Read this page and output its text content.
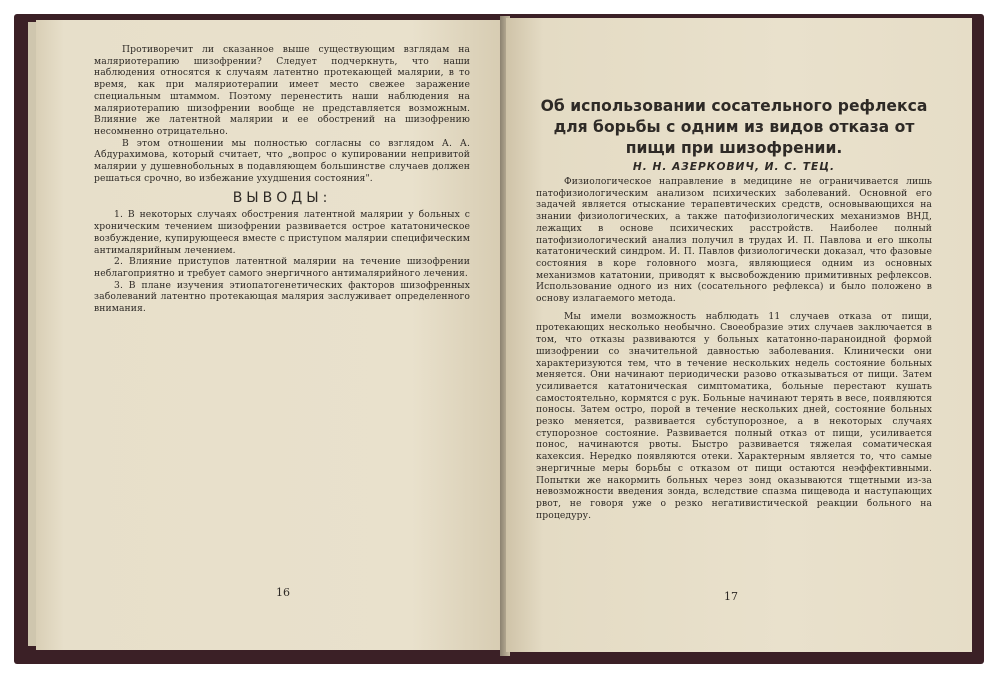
Противоречит ли сказанное выше существующим взглядам на маляриотерапию шизофрении? Следует подчеркнуть, что наши наблюдения относятся к случаям латентно протекающей малярии, в то время, как при маляриотерапии имеет место свежее заражение специальным штаммом. Поэтому перенестить наши наблюдения на маляриотерапию шизофрении вообще не представляется возможным. Влияние же латентной малярии и ее обострений на шизофрению несомненно отрицательно.

В этом отношении мы полностью согласны со взглядом А. А. Абдурахимова, который считает, что „вопрос о купировании непривитой малярии у душевнобольных в подавляющем большинстве случаев должен решаться срочно, во избежание ухудшения состояния".

ВЫВОДЫ:

1. В некоторых случаях обострения латентной малярии у больных с хроническим течением шизофрении развивается острое кататоническое возбуждение, купирующееся вместе с приступом малярии специфическим антималярийным лечением.

2. Влияние приступов латентной малярии на течение шизофрении неблагоприятно и требует самого энергичного антималярийного лечения.

3. В плане изучения этиопатогенетических факторов шизофренных заболеваний латентно протекающая малярия заслуживает определенного внимания.

16
Об использовании сосательного рефлекса для борьбы с одним из видов отказа от пищи при шизофрении.
Н. Н. АЗЕРКОВИЧ, И. С. ТЕЦ.

Физиологическое направление в медицине не ограничивается лишь патофизиологическим анализом психических заболеваний. Основной его задачей является отыскание терапевтических средств, основывающихся на знании физиологических, а также патофизиологических механизмов ВНД, лежащих в основе психических расстройств. Наиболее полный патофизиологический анализ получил в трудах И. П. Павлова и его школы кататонический синдром. И. П. Павлов физиологически доказал, что фазовые состояния в коре головного мозга, являющиеся одним из основных механизмов кататонии, приводят к высвобождению примитивных рефлексов. Использование одного из них (сосательного рефлекса) и было положено в основу излагаемого метода.

Мы имели возможность наблюдать 11 случаев отказа от пищи, протекающих несколько необычно. Своеобразие этих случаев заключается в том, что отказы развиваются у больных кататонно-параноидной формой шизофрении со значительной давностью заболевания. Клинически они характеризуются тем, что в течение нескольких недель состояние больных меняется. Они начинают периодически разово отказываться от пищи. Затем усиливается кататоническая симптоматика, больные перестают кушать самостоятельно, кормятся с рук. Больные начинают терять в весе, появляются поносы. Затем остро, порой в течение нескольких дней, состояние больных резко меняется, развивается субступорозное, а в некоторых случаях ступорозное состояние. Развивается полный отказ от пищи, усиливается понос, начинаются рвоты. Быстро развивается тяжелая соматическая кахексия. Нередко появляются отеки. Характерным является то, что самые энергичные меры борьбы с отказом от пищи остаются неэффективными. Попытки же накормить больных через зонд оказываются тщетными из-за невозможности введения зонда, вследствие спазма пищевода и наступающих рвот, не говоря уже о резко негативистической реакции больного на процедуру.

17
